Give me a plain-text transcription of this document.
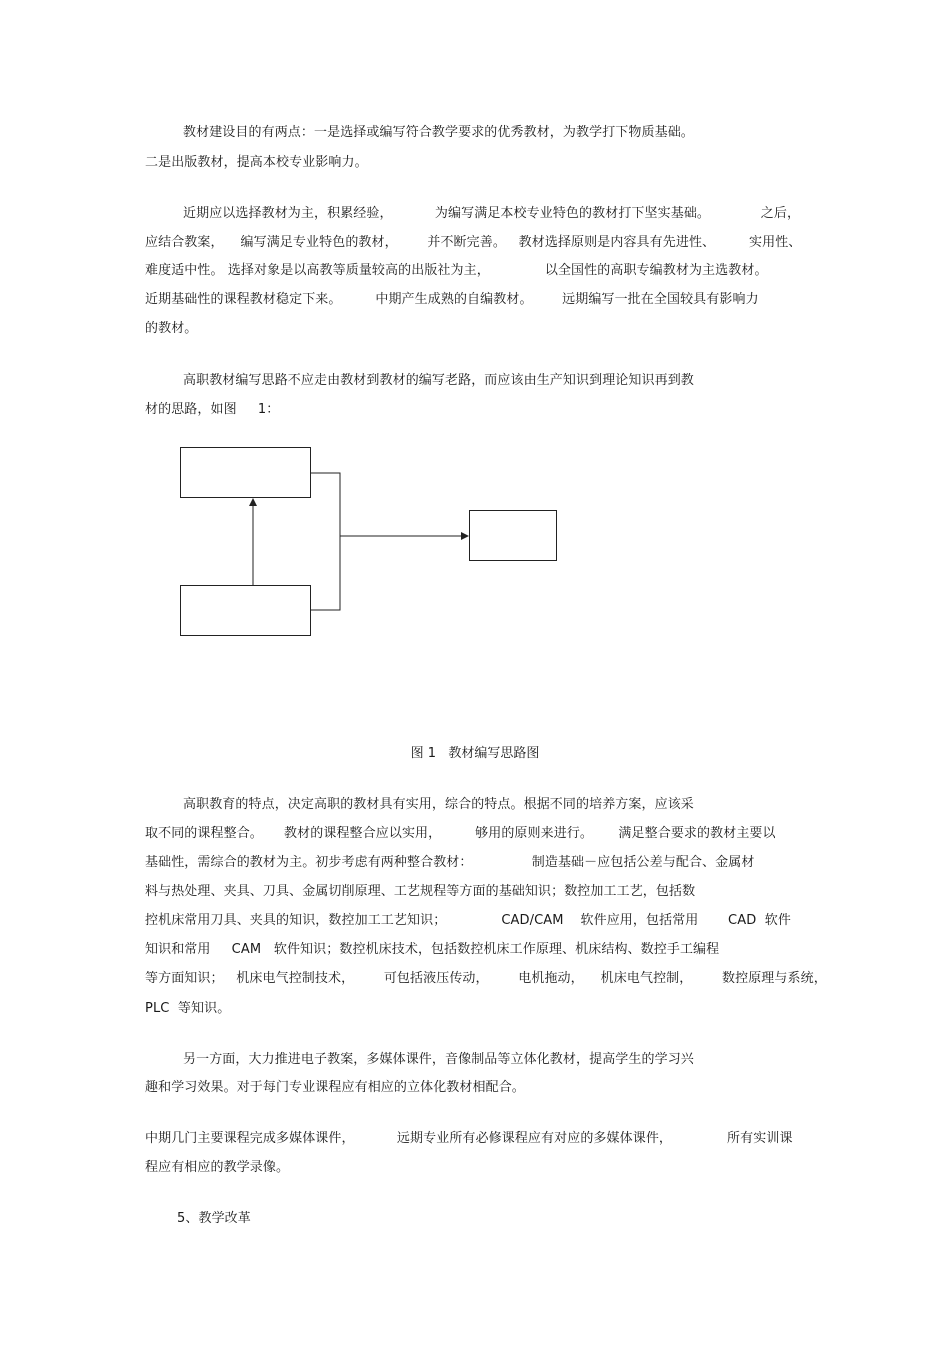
教材建设目的有两点：一是选择或编写符合教学要求的优秀教材，为教学打下物质基础。
二是出版教材，提高本校专业影响力。
近期应以选择教材为主，积累经验，          为编写满足本校专业特色的教材打下坚实基础。            之后，
应结合教案，    编写满足专业特色的教材，       并不断完善。   教材选择原则是内容具有先进性、        实用性、
难度适中性。 选择对象是以高教等质量较高的出版社为主，             以全国性的高职专编教材为主选教材。
近期基础性的课程教材稳定下来。        中期产生成熟的自编教材。       远期编写一批在全国较具有影响力
的教材。
高职教材编写思路不应走由教材到教材的编写老路，而应该由生产知识到理论知识再到教
材的思路，如图     1：
图 1   教材编写思路图
高职教育的特点，决定高职的教材具有实用，综合的特点。根据不同的培养方案，应该采
取不同的课程整合。     教材的课程整合应以实用，        够用的原则来进行。      满足整合要求的教材主要以
基础性，需综合的教材为主。初步考虑有两种整合教材：              制造基础－应包括公差与配合、金属材
料与热处理、夹具、刀具、金属切削原理、工艺规程等方面的基础知识；数控加工工艺，包括数
控机床常用刀具、夹具的知识，数控加工工艺知识；             CAD/CAM    软件应用，包括常用       CAD  软件
知识和常用     CAM   软件知识；数控机床技术，包括数控机床工作原理、机床结构、数控手工编程
等方面知识；   机床电气控制技术，       可包括液压传动，       电机拖动，    机床电气控制，       数控原理与系统，
PLC  等知识。
另一方面，大力推进电子教案，多媒体课件，音像制品等立体化教材，提高学生的学习兴
趣和学习效果。对于每门专业课程应有相应的立体化教材相配合。
中期几门主要课程完成多媒体课件，          远期专业所有必修课程应有对应的多媒体课件，             所有实训课
程应有相应的教学录像。
5、教学改革
